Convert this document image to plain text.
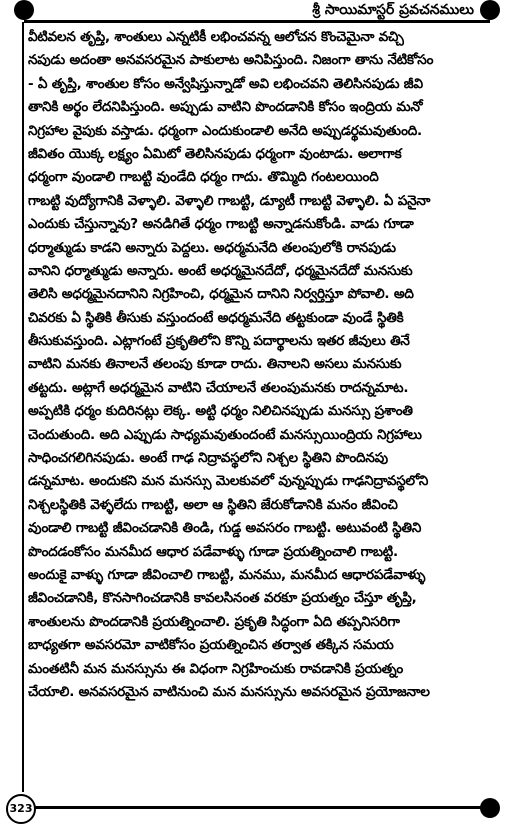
శ్రీ సాయిమాస్టర్ ప్రవచనములు
వీటివలన తృప్తి, శాంతులు ఎన్నటికీ లభించవన్న ఆలోచన కొంచెమైనా వచ్చి
నపుడు అదంతా అనవసరమైన పాకులాట అనిపిస్తుంది. నిజంగా తాను నేటికోసం
- ఏ తృప్తి, శాంతుల కోసం అన్వేషిస్తున్నాడో అవి లభించవని తెలిసినపుడు జీవి
తానికి అర్థం లేదనిపిస్తుంది. అప్పుడు వాటిని పొందడానికి కోసం ఇంద్రియ మనో
నిగ్రహాల వైపుకు వస్తాడు. ధర్మంగా ఎందుకుండాలి అనేది అప్పుడర్థమవుతుంది.
జీవితం యొక్క లక్ష్యం ఏమిటో తెలిసినపుడు ధర్మంగా వుంటాడు. అలాగాక
ధర్మంగా వుండాలి గాబట్టి వుండేది ధర్మం గాదు. తొమ్మిది గంటలయింది
గాబట్టి వుద్యోగానికి వెళ్ళాలి. వెళ్ళాలి గాబట్టి, డ్యూటీ గాబట్టి వెళ్ళాలి. ఏ పనైనా
ఎందుకు చేస్తున్నావు? అనడిగితే ధర్మం గాబట్టి అన్నాడనుకోండి. వాడు గూడా
ధర్మాత్ముడు కాడని అన్నారు పెద్దలు. అధర్మమనేది తలంపులోకి రానపుడు
వానిని ధర్మాత్ముడు అన్నారు. అంటే అధర్మమైనదేదో, ధర్మమైనదేదో మనసుకు
తెలిసి అధర్మమైనదానిని నిగ్రహించి, ధర్మమైన దానిని నిర్వర్తిస్తూ పోవాలి. అది
చివరకు ఏ స్థితికి తీసుకు వస్తుందంటే అధర్మమనేది తట్టకుండా వుండే స్థితికి
తీసుకువస్తుంది. ఎట్లాగంటే ప్రకృతిలోని కొన్ని పదార్థాలను ఇతర జీవులు తినే
వాటిని మనకు తినాలనే తలంపు కూడా రాదు. తినాలని అసలు మనసుకు
తట్టదు. అట్లాగే అధర్మమైన వాటిని చేయాలనే తలంపుమనకు రాదన్నమాట.
అప్పటికి ధర్మం కుదిరినట్లు లెక్క. అట్టి ధర్మం నిలిచినప్పుడు మనస్సు ప్రశాంతి
చెందుతుంది. అది ఎప్పుడు సాధ్యమవుతుందంటే మనస్సుయింద్రియ నిగ్రహాలు
సాధించగలిగినపుడు. అంటే గాఢ నిద్రావస్థలోని నిశ్చల స్థితిని పొందినపు
డన్నమాట. అందుకని మన మనస్సు మెలకువలో వున్నప్పుడు గాఢనిద్రావస్థలోని
నిశ్చలస్థితికి వెళ్ళలేదు గాబట్టి, అలా ఆ స్థితిని జేరుకోడానికి మనం జీవించి
వుండాలి గాబట్టి జీవించడానికి తిండి, గుడ్డ అవసరం గాబట్టి. అటువంటి స్థితిని
పొందడంకోసం మనమీద ఆధార పడేవాళ్ళు గూడా ప్రయత్నించాలి గాబట్టి.
అందుకై వాళ్ళు గూడా జీవించాలి గాబట్టి, మనము, మనమీద ఆధారపడేవాళ్ళు
జీవించడానికి, కొనసాగించడానికి కావలసినంత వరకూ ప్రయత్నం చేస్తూ తృప్తి,
శాంతులను పొందడానికి ప్రయత్నించాలి. ప్రకృతి సిద్ధంగా ఏది తప్పనిసరిగా
బాధ్యతగా అవసరమో వాటికోసం ప్రయత్నించిన తర్వాత తక్కిన సమయ
మంతటినీ మన మనస్సును ఈ విధంగా నిగ్రహించుకు రావడానికి ప్రయత్నం
చేయాలి. అనవసరమైన వాటినుంచి మన మనస్సును అవసరమైన ప్రయోజనాల
323
